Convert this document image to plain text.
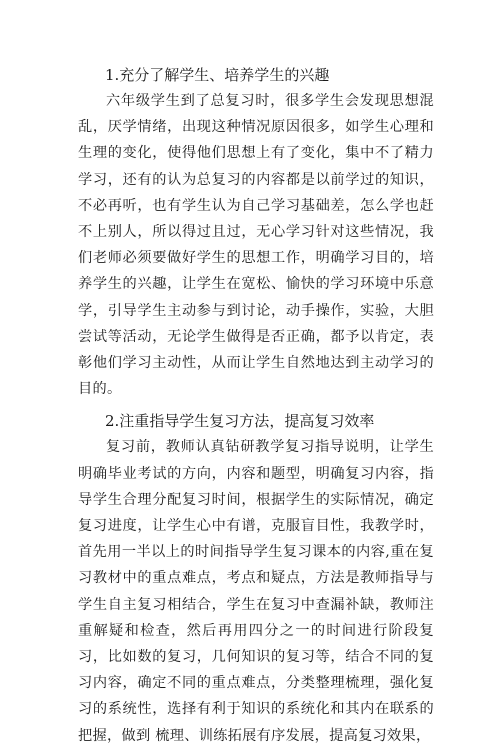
1.充分了解学生、培养学生的兴趣

六年级学生到了总复习时，很多学生会发现思想混乱，厌学情绪，出现这种情况原因很多，如学生心理和生理的变化，使得他们思想上有了变化，集中不了精力学习，还有的认为总复习的内容都是以前学过的知识，不必再听，也有学生认为自己学习基础差，怎么学也赶不上别人，所以得过且过，无心学习针对这些情况，我们老师必须要做好学生的思想工作，明确学习目的，培养学生的兴趣，让学生在宽松、愉快的学习环境中乐意学，引导学生主动参与到讨论，动手操作，实验，大胆尝试等活动，无论学生做得是否正确，都予以肯定，表彰他们学习主动性，从而让学生自然地达到主动学习的目的。

2.注重指导学生复习方法，提高复习效率

复习前，教师认真钻研教学复习指导说明，让学生明确毕业考试的方向，内容和题型，明确复习内容，指导学生合理分配复习时间，根据学生的实际情况，确定复习进度，让学生心中有谱，克服盲目性，我教学时，首先用一半以上的时间指导学生复习课本的内容,重在复习教材中的重点难点，考点和疑点，方法是教师指导与学生自主复习相结合，学生在复习中查漏补缺，教师注重解疑和检查，然后再用四分之一的时间进行阶段复习，比如数的复习，几何知识的复习等，结合不同的复习内容，确定不同的重点难点，分类整理梳理，强化复习的系统性，选择有利于知识的系统化和其内在联系的把握，做到 梳理、训练拓展有序发展，提高复习效果，
